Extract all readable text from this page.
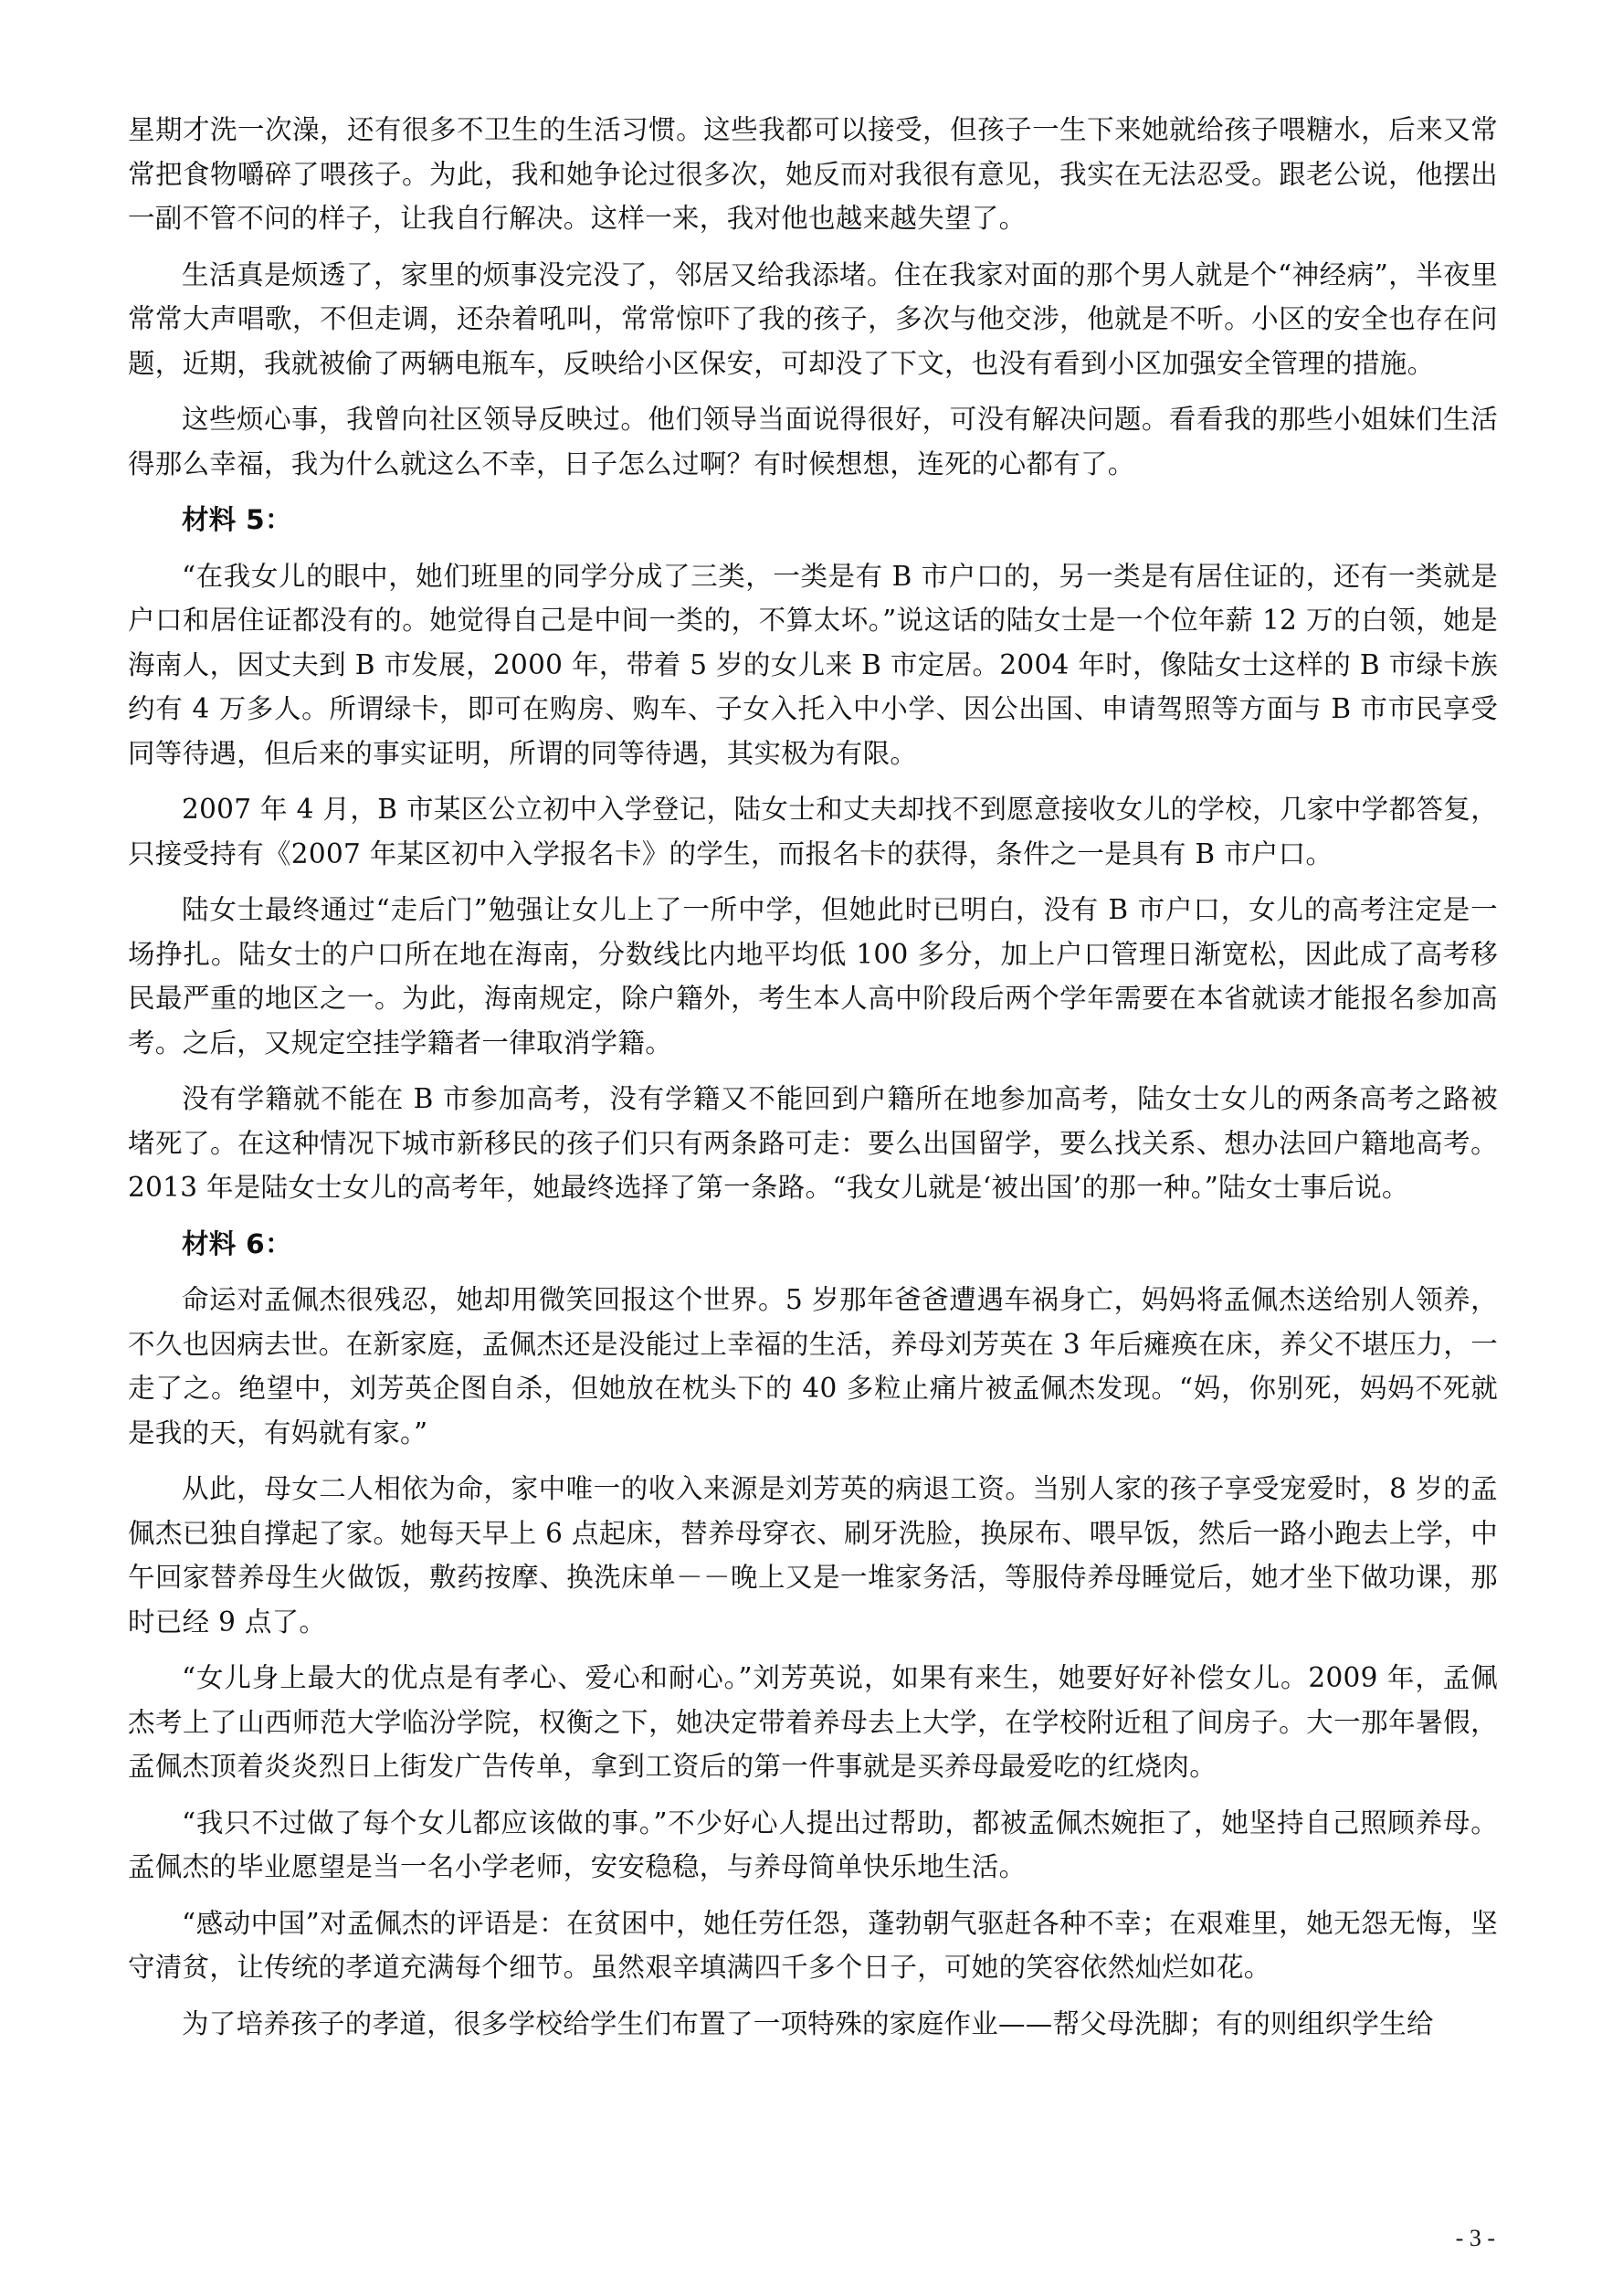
星期才洗一次澡，还有很多不卫生的生活习惯。这些我都可以接受，但孩子一生下来她就给孩子喂糖水，后来又常常把食物嚼碎了喂孩子。为此，我和她争论过很多次，她反而对我很有意见，我实在无法忍受。跟老公说，他摆出一副不管不问的样子，让我自行解决。这样一来，我对他也越来越失望了。

生活真是烦透了，家里的烦事没完没了，邻居又给我添堵。住在我家对面的那个男人就是个“神经病”，半夜里常常大声唱歌，不但走调，还杂着吼叫，常常惊吓了我的孩子，多次与他交涉，他就是不听。小区的安全也存在问题，近期，我就被偷了两辆电瓶车，反映给小区保安，可却没了下文，也没有看到小区加强安全管理的措施。

这些烦心事，我曾向社区领导反映过。他们领导当面说得很好，可没有解决问题。看看我的那些小姐妹们生活得那么幸福，我为什么就这么不幸，日子怎么过啊？有时候想想，连死的心都有了。

材料 5：

“在我女儿的眼中，她们班里的同学分成了三类，一类是有 B 市户口的，另一类是有居住证的，还有一类就是户口和居住证都没有的。她觉得自己是中间一类的，不算太坏。”说这话的陆女士是一个位年薪 12 万的白领，她是海南人，因丈夫到 B 市发展，2000 年，带着 5 岁的女儿来 B 市定居。2004 年时，像陆女士这样的 B 市绿卡族约有 4 万多人。所谓绿卡，即可在购房、购车、子女入托入中小学、因公出国、申请驾照等方面与 B 市市民享受同等待遇，但后来的事实证明，所谓的同等待遇，其实极为有限。

2007 年 4 月，B 市某区公立初中入学登记，陆女士和丈夫却找不到愿意接收女儿的学校，几家中学都答复，只接受持有《2007 年某区初中入学报名卡》的学生，而报名卡的获得，条件之一是具有 B 市户口。

陆女士最终通过“走后门”勉强让女儿上了一所中学，但她此时已明白，没有 B 市户口，女儿的高考注定是一场挣扎。陆女士的户口所在地在海南，分数线比内地平均低 100 多分，加上户口管理日渐宽松，因此成了高考移民最严重的地区之一。为此，海南规定，除户籍外，考生本人高中阶段后两个学年需要在本省就读才能报名参加高考。之后，又规定空挂学籍者一律取消学籍。

没有学籍就不能在 B 市参加高考，没有学籍又不能回到户籍所在地参加高考，陆女士女儿的两条高考之路被堵死了。在这种情况下城市新移民的孩子们只有两条路可走：要么出国留学，要么找关系、想办法回户籍地高考。2013 年是陆女士女儿的高考年，她最终选择了第一条路。“我女儿就是‘被出国’的那一种。”陆女士事后说。

材料 6：

命运对孟佩杰很残忍，她却用微笑回报这个世界。5 岁那年爸爸遭遇车祸身亡，妈妈将孟佩杰送给别人领养，不久也因病去世。在新家庭，孟佩杰还是没能过上幸福的生活，养母刘芳英在 3 年后瘫痪在床，养父不堪压力，一走了之。绝望中，刘芳英企图自杀，但她放在枕头下的 40 多粒止痛片被孟佩杰发现。“妈，你别死，妈妈不死就是我的天，有妈就有家。”

从此，母女二人相依为命，家中唯一的收入来源是刘芳英的病退工资。当别人家的孩子享受宠爱时，8 岁的孟佩杰已独自撑起了家。她每天早上 6 点起床，替养母穿衣、刷牙洗脸，换尿布、喂早饭，然后一路小跑去上学，中午回家替养母生火做饭，敷药按摩、换洗床单－－晚上又是一堆家务活，等服侍养母睡觉后，她才坐下做功课，那时已经 9 点了。

“女儿身上最大的优点是有孝心、爱心和耐心。”刘芳英说，如果有来生，她要好好补偿女儿。2009 年，孟佩杰考上了山西师范大学临汾学院，权衡之下，她决定带着养母去上大学，在学校附近租了间房子。大一那年暑假，孟佩杰顶着炎炎烈日上街发广告传单，拿到工资后的第一件事就是买养母最爱吃的红烧肉。

“我只不过做了每个女儿都应该做的事。”不少好心人提出过帮助，都被孟佩杰婉拒了，她坚持自己照顾养母。孟佩杰的毕业愿望是当一名小学老师，安安稳稳，与养母简单快乐地生活。

“感动中国”对孟佩杰的评语是：在贫困中，她任劳任怨，蓬勃朝气驱赶各种不幸；在艰难里，她无怨无悔，坚守清贫，让传统的孝道充满每个细节。虽然艰辛填满四千多个日子，可她的笑容依然灿烂如花。

为了培养孩子的孝道，很多学校给学生们布置了一项特殊的家庭作业——帮父母洗脚；有的则组织学生给

- 3 -
